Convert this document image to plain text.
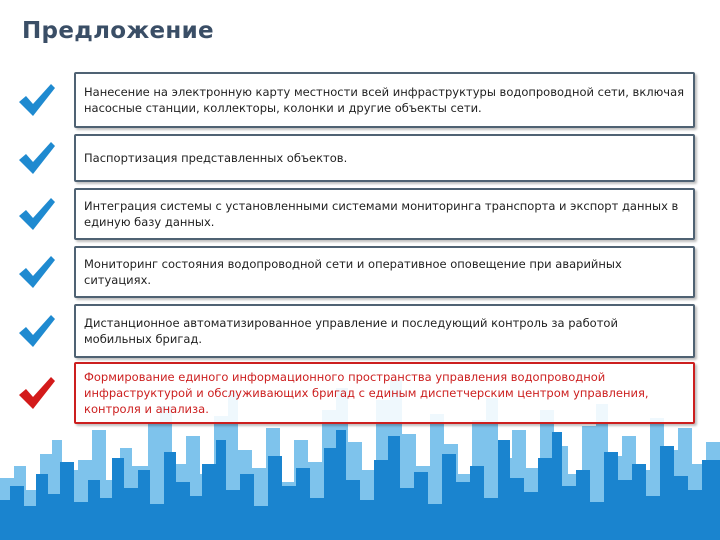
Предложение
Нанесение на электронную карту местности всей инфраструктуры водопроводной сети, включая насосные станции, коллекторы, колонки и другие объекты сети.
Паспортизация представленных объектов.
Интеграция системы с установленными системами мониторинга транспорта и экспорт данных в единую базу данных.
Мониторинг состояния водопроводной сети и оперативное оповещение при аварийных ситуациях.
Дистанционное автоматизированное управление и последующий контроль за работой мобильных бригад.
Формирование единого информационного пространства управления водопроводной инфраструктурой и обслуживающих бригад с единым диспетчерским центром управления, контроля и анализа.
